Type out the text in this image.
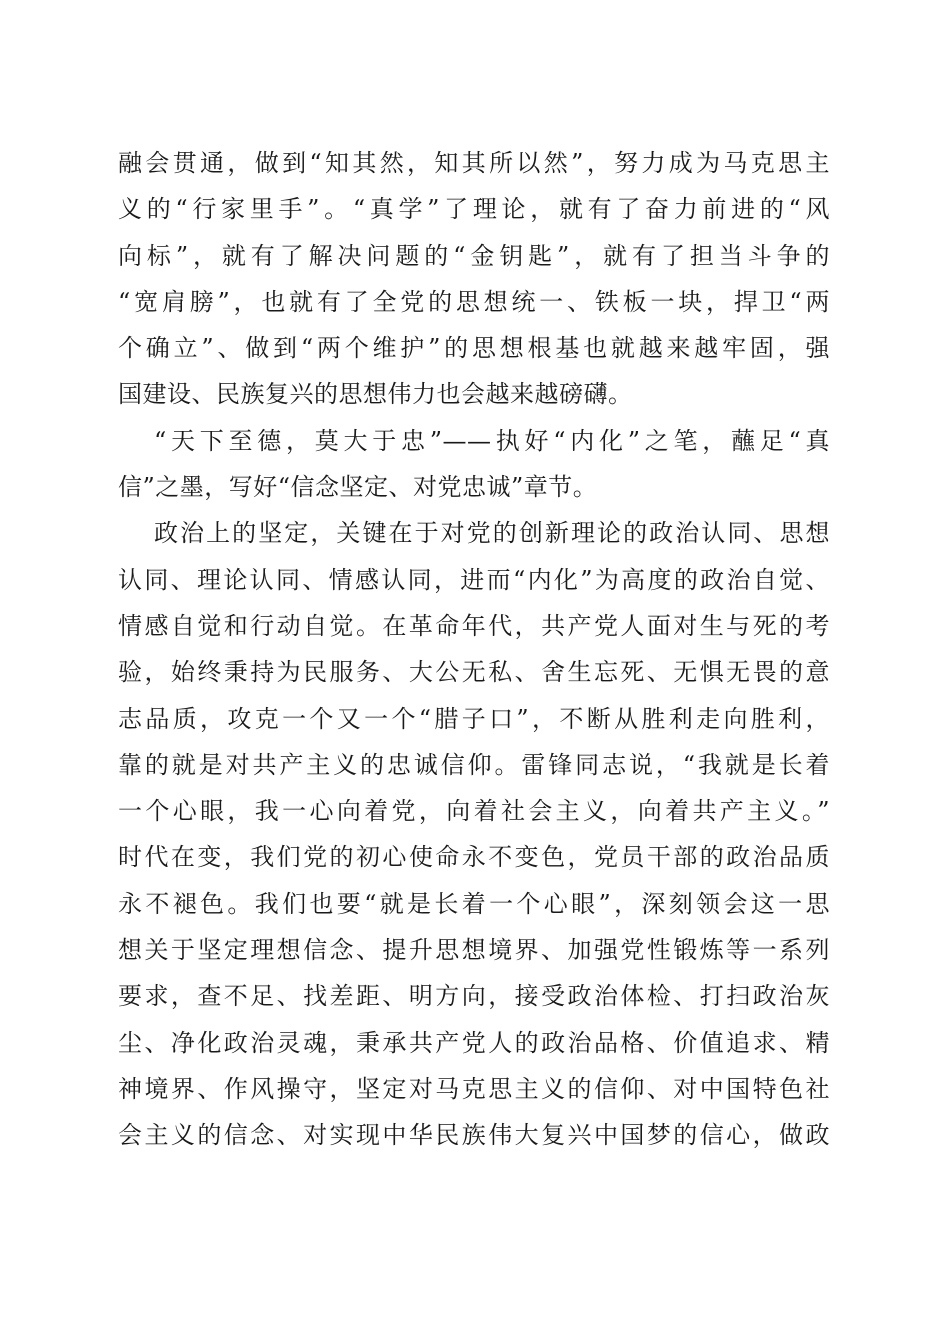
融会贯通，做到“知其然，知其所以然”，努力成为马克思主
义的“行家里手”。“真学”了理论，就有了奋力前进的“风
向标”，就有了解决问题的“金钥匙”，就有了担当斗争的
“宽肩膀”，也就有了全党的思想统一、铁板一块，捍卫“两
个确立”、做到“两个维护”的思想根基也就越来越牢固，强
国建设、民族复兴的思想伟力也会越来越磅礴。
“天下至德，莫大于忠”——执好“内化”之笔，蘸足“真
信”之墨，写好“信念坚定、对党忠诚”章节。
政治上的坚定，关键在于对党的创新理论的政治认同、思想
认同、理论认同、情感认同，进而“内化”为高度的政治自觉、
情感自觉和行动自觉。在革命年代，共产党人面对生与死的考
验，始终秉持为民服务、大公无私、舍生忘死、无惧无畏的意
志品质，攻克一个又一个“腊子口”，不断从胜利走向胜利，
靠的就是对共产主义的忠诚信仰。雷锋同志说，“我就是长着
一个心眼，我一心向着党，向着社会主义，向着共产主义。”
时代在变，我们党的初心使命永不变色，党员干部的政治品质
永不褪色。我们也要“就是长着一个心眼”，深刻领会这一思
想关于坚定理想信念、提升思想境界、加强党性锻炼等一系列
要求，查不足、找差距、明方向，接受政治体检、打扫政治灰
尘、净化政治灵魂，秉承共产党人的政治品格、价值追求、精
神境界、作风操守，坚定对马克思主义的信仰、对中国特色社
会主义的信念、对实现中华民族伟大复兴中国梦的信心，做政
